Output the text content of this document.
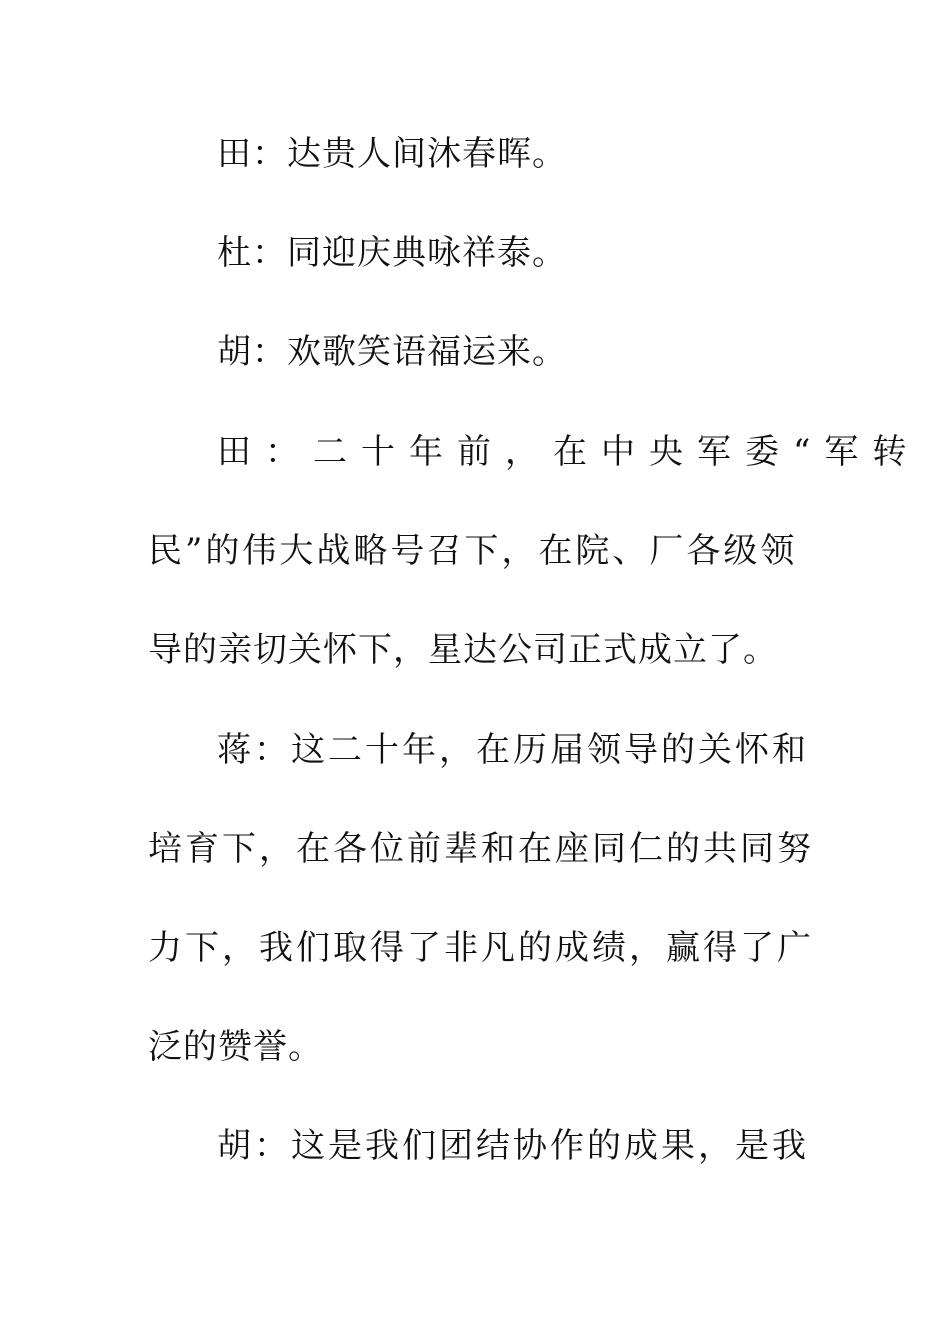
田：达贵人间沐春晖。
杜：同迎庆典咏祥泰。
胡：欢歌笑语福运来。
田：二十年前，在中央军委“军转
民”的伟大战略号召下，在院、厂各级领
导的亲切关怀下，星达公司正式成立了。
蒋：这二十年，在历届领导的关怀和
培育下，在各位前辈和在座同仁的共同努
力下，我们取得了非凡的成绩，赢得了广
泛的赞誉。
胡：这是我们团结协作的成果，是我
